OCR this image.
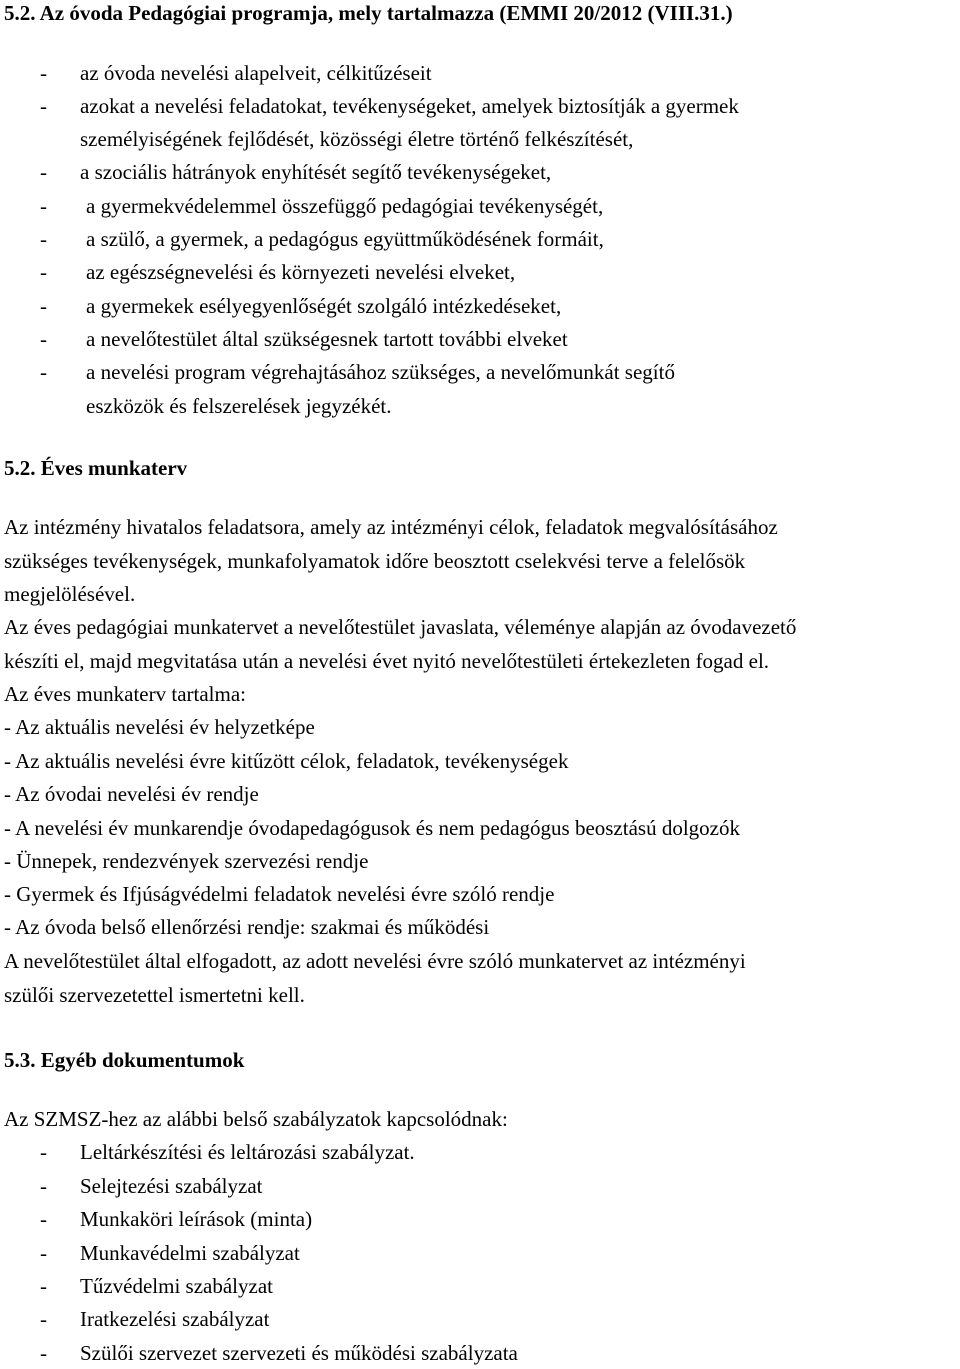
5.2. Az óvoda Pedagógiai programja, mely tartalmazza (EMMI 20/2012 (VIII.31.)
- az óvoda nevelési alapelveit, célkitűzéseit
- azokat a nevelési feladatokat, tevékenységeket, amelyek biztosítják a gyermek
személyiségének fejlődését, közösségi életre történő felkészítését,
- a szociális hátrányok enyhítését segítő tevékenységeket,
- a gyermekvédelemmel összefüggő pedagógiai tevékenységét,
- a szülő, a gyermek, a pedagógus együttműködésének formáit,
- az egészségnevelési és környezeti nevelési elveket,
- a gyermekek esélyegyenlőségét szolgáló intézkedéseket,
- a nevelőtestület által szükségesnek tartott további elveket
- a nevelési program végrehajtásához szükséges, a nevelőmunkát segítő
eszközök és felszerelések jegyzékét.
5.2. Éves munkaterv
Az intézmény hivatalos feladatsora, amely az intézményi célok, feladatok megvalósításához
szükséges tevékenységek, munkafolyamatok időre beosztott cselekvési terve a felelősök
megjelölésével.
Az éves pedagógiai munkatervet a nevelőtestület javaslata, véleménye alapján az óvodavezető
készíti el, majd megvitatása után a nevelési évet nyitó nevelőtestületi értekezleten fogad el.
Az éves munkaterv tartalma:
- Az aktuális nevelési év helyzetképe
- Az aktuális nevelési évre kitűzött célok, feladatok, tevékenységek
- Az óvodai nevelési év rendje
- A nevelési év munkarendje óvodapedagógusok és nem pedagógus beosztású dolgozók
- Ünnepek, rendezvények szervezési rendje
- Gyermek és Ifjúságvédelmi feladatok nevelési évre szóló rendje
- Az óvoda belső ellenőrzési rendje: szakmai és működési
A nevelőtestület által elfogadott, az adott nevelési évre szóló munkatervet az intézményi
szülői szervezetettel ismertetni kell.
5.3. Egyéb dokumentumok
Az SZMSZ-hez az alábbi belső szabályzatok kapcsolódnak:
- Leltárkészítési és leltározási szabályzat.
- Selejtezési szabályzat
- Munkaköri leírások (minta)
- Munkavédelmi szabályzat
- Tűzvédelmi szabályzat
- Iratkezelési szabályzat
- Szülői szervezet szervezeti és működési szabályzata
